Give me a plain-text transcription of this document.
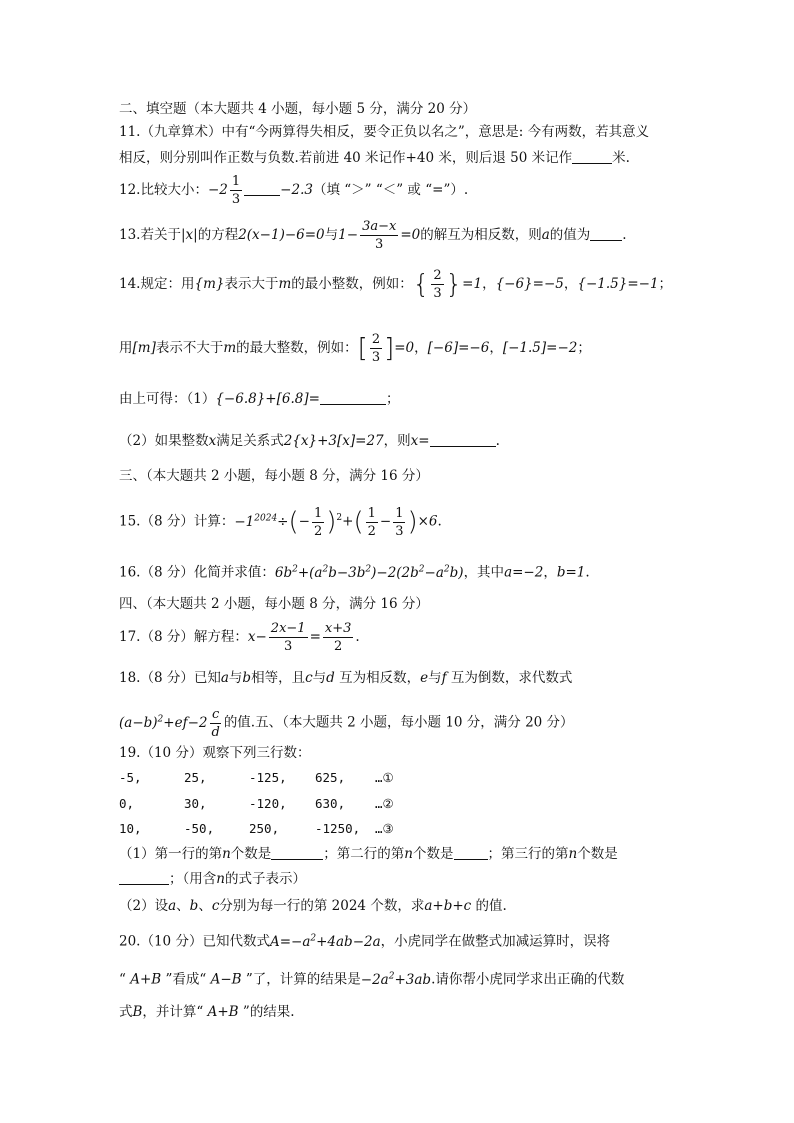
二、填空题（本大题共 4 小题，每小题 5 分，满分 20 分）
11.（九章算术）中有“今两算得失相反，要令正负以名之”，意思是: 今有两数，若其意义
相反，则分别叫作正数与负数.若前进 40 米记作+40 米，则后退 50 米记作	米.
12.比较大小：$-2 \frac{1}{3}$	−2.3（填 “＞” “＜” 或 “=”）.
13.若关于|x|的方程2(x−1)−6=0与$1- \frac{3a-x}{3} =0$的解互为相反数，则a的值为 .
14.规定：用{m}表示大于m的最小整数，例如：{ $\frac{2}{3} \}=1$，{−6}=−5，{−1.5}=−1；
用[m]表示不大于m的最大整数，例如：[ $\frac{2}{3} ]=0$，[−6]=−6，[−1.5]=−2；
由上可得：（1）{−6.8}+[6.8]=	；
（2）如果整数x满足关系式2{x}+3[x]=27，则x=	.
三、（本大题共 2 小题，每小题 8 分，满分 16 分）
15.（8 分）计算：$-1^{2024}\div(- \frac{1}{2} )^2+( \frac{1}{2} - \frac{1}{3} )\times 6$.
16.（8 分）化简并求值：$6b^2+(a^2b-3b^2)-2(2b^2-a^2b)$，其中a=−2，b=1.
四、（本大题共 2 小题，每小题 8 分，满分 16 分）
17.（8 分）解方程：$x- \frac{2x-1}{3} = \frac{x+3}{2}$ .
18.（8 分）已知a与b相等，且c与d 互为相反数，e与f 互为倒数，求代数式
$(a-b)^2+ef-2 \frac{c}{d}$ 的值.五、（本大题共 2 小题，每小题 10 分，满分 20 分）
19.（10 分）观察下列三行数：
-5,	25,	-125, 625, …①
0,	30,	-120, 630, …②
10,	-50,	250,	-1250, …③
（1）第一行的第n个数是	；第二行的第n个数是	；第三行的第n个数是
；（用含n的式子表示）
（2）设a、b、c分别为每一行的第 2024 个数，求a+b+c 的值.
20.（10 分）已知代数式$A=-a^2+4ab-2a$，小虎同学在做整式加减运算时，误将
“ A+B ”看成“ A−B ”了，计算的结果是$-2a^2+3ab$.请你帮小虎同学求出正确的代数
式B，并计算“ A+B ”的结果.
